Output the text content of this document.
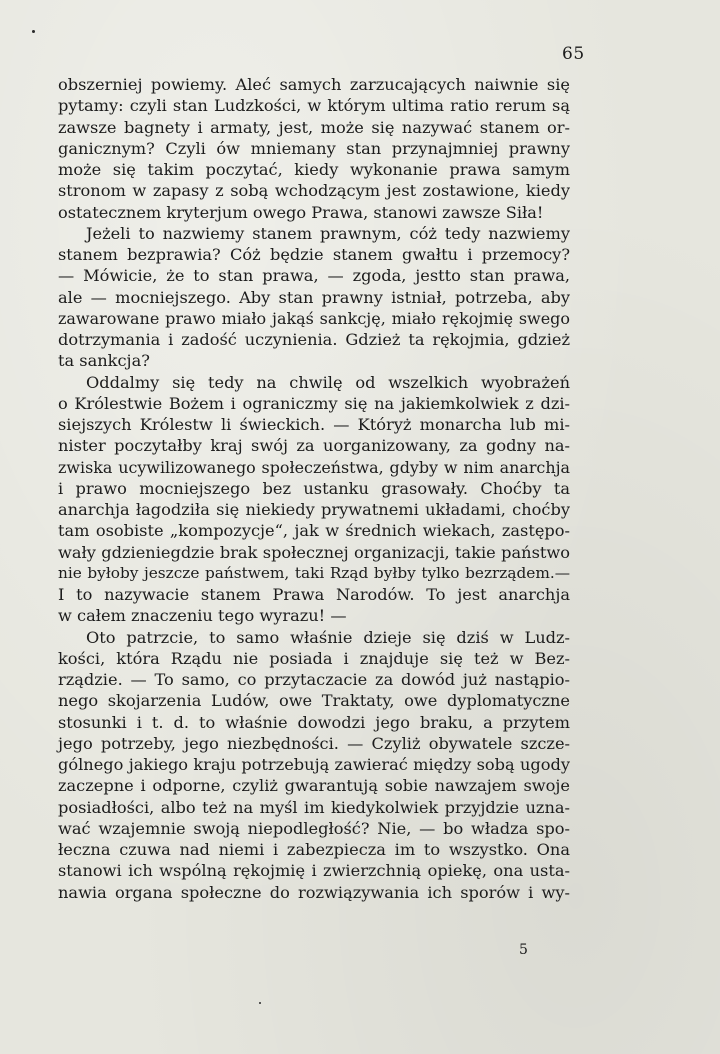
65
obszerniej powiemy. Aleć samych zarzucających naiwnie się
pytamy: czyli stan Ludzkości, w którym ultima ratio rerum są
zawsze bagnety i armaty, jest, może się nazywać stanem or-
ganicznym? Czyli ów mniemany stan przynajmniej prawny
może się takim poczytać, kiedy wykonanie prawa samym
stronom w zapasy z sobą wchodzącym jest zostawione, kiedy
ostatecznem kryterjum owego Prawa, stanowi zawsze Siła!
Jeżeli to nazwiemy stanem prawnym, cóż tedy nazwiemy
stanem bezprawia? Cóż będzie stanem gwałtu i przemocy?
— Mówicie, że to stan prawa, — zgoda, jestto stan prawa,
ale — mocniejszego. Aby stan prawny istniał, potrzeba, aby
zawarowane prawo miało jakąś sankcję, miało rękojmię swego
dotrzymania i zadość uczynienia. Gdzież ta rękojmia, gdzież
ta sankcja?
Oddalmy się tedy na chwilę od wszelkich wyobrażeń
o Królestwie Bożem i ograniczmy się na jakiemkolwiek z dzi-
siejszych Królestw li świeckich. — Któryż monarcha lub mi-
nister poczytałby kraj swój za uorganizowany, za godny na-
zwiska ucywilizowanego społeczeństwa, gdyby w nim anarchja
i prawo mocniejszego bez ustanku grasowały. Choćby ta
anarchja łagodziła się niekiedy prywatnemi układami, choćby
tam osobiste „kompozycje“, jak w średnich wiekach, zastępo-
wały gdzieniegdzie brak społecznej organizacji, takie państwo
nie byłoby jeszcze państwem, taki Rząd byłby tylko bezrządem.—
I to nazywacie stanem Prawa Narodów. To jest anarchja
w całem znaczeniu tego wyrazu! —
Oto patrzcie, to samo właśnie dzieje się dziś w Ludz-
kości, która Rządu nie posiada i znajduje się też w Bez-
rządzie. — To samo, co przytaczacie za dowód już nastąpio-
nego skojarzenia Ludów, owe Traktaty, owe dyplomatyczne
stosunki i t. d. to właśnie dowodzi jego braku, a przytem
jego potrzeby, jego niezbędności. — Czyliż obywatele szcze-
gólnego jakiego kraju potrzebują zawierać między sobą ugody
zaczepne i odporne, czyliż gwarantują sobie nawzajem swoje
posiadłości, albo też na myśl im kiedykolwiek przyjdzie uzna-
wać wzajemnie swoją niepodległość? Nie, — bo władza spo-
łeczna czuwa nad niemi i zabezpiecza im to wszystko. Ona
stanowi ich wspólną rękojmię i zwierzchnią opiekę, ona usta-
nawia organa społeczne do rozwiązywania ich sporów i wy-
5
